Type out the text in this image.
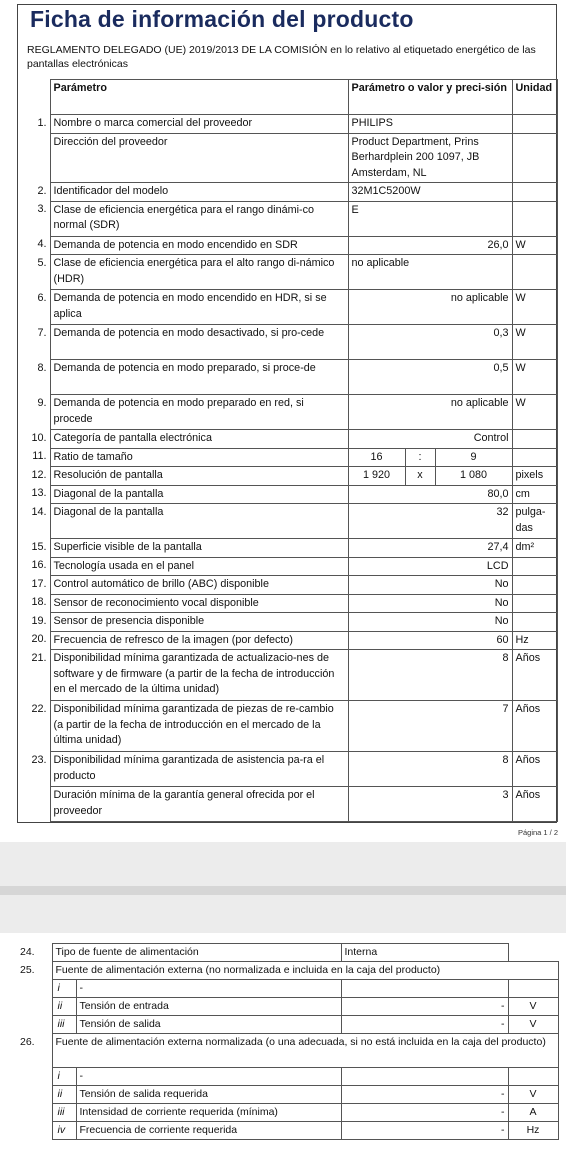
Ficha de información del producto
REGLAMENTO DELEGADO (UE) 2019/2013 DE LA COMISIÓN en lo relativo al etiquetado energético de las pantallas electrónicas
	Parámetro	Parámetro o valor y preci-sión			Unidad
1.	Nombre o marca comercial del proveedor	PHILIPS			
	Dirección del proveedor	Product Department, Prins Berhardplein 200 1097, JB Amsterdam, NL			
2.	Identificador del modelo	32M1C5200W			
3.	Clase de eficiencia energética para el rango dinámi-co normal (SDR)	E			
4.	Demanda de potencia en modo encendido en SDR	26,0			W
5.	Clase de eficiencia energética para el alto rango di-námico (HDR)	no aplicable			
6.	Demanda de potencia en modo encendido en HDR, si se aplica	no aplicable			W
7.	Demanda de potencia en modo desactivado, si pro-cede	0,3			W
8.	Demanda de potencia en modo preparado, si proce-de	0,5			W
9.	Demanda de potencia en modo preparado en red, si procede	no aplicable			W
10.	Categoría de pantalla electrónica	Control			
11.	Ratio de tamaño	16	:	9	
12.	Resolución de pantalla	1 920	x	1 080	pixels
13.	Diagonal de la pantalla	80,0			cm
14.	Diagonal de la pantalla	32			pulga-das
15.	Superficie visible de la pantalla	27,4			dm²
16.	Tecnología usada en el panel	LCD			
17.	Control automático de brillo (ABC) disponible	No			
18.	Sensor de reconocimiento vocal disponible	No			
19.	Sensor de presencia disponible	No			
20.	Frecuencia de refresco de la imagen (por defecto)	60			Hz
21.	Disponibilidad mínima garantizada de actualizacio-nes de software y de firmware (a partir de la fecha de introducción en el mercado de la última unidad)	8			Años
22.	Disponibilidad mínima garantizada de piezas de re-cambio (a partir de la fecha de introducción en el mercado de la última unidad)	7			Años
23.	Disponibilidad mínima garantizada de asistencia pa-ra el producto	8			Años
	Duración mínima de la garantía general ofrecida por el proveedor	3			Años
Página 1 / 2
24.	Tipo de fuente de alimentación		Interna	
25.	Fuente de alimentación externa (no normalizada e incluida en la caja del producto)			
	i	-		
	ii	Tensión de entrada	-	V
	iii	Tensión de salida	-	V
26.	Fuente de alimentación externa normalizada (o una adecuada, si no está incluida en la caja del producto)			
	i	-		
	ii	Tensión de salida requerida	-	V
	iii	Intensidad de corriente requerida (mínima)	-	A
	iv	Frecuencia de corriente requerida	-	Hz
